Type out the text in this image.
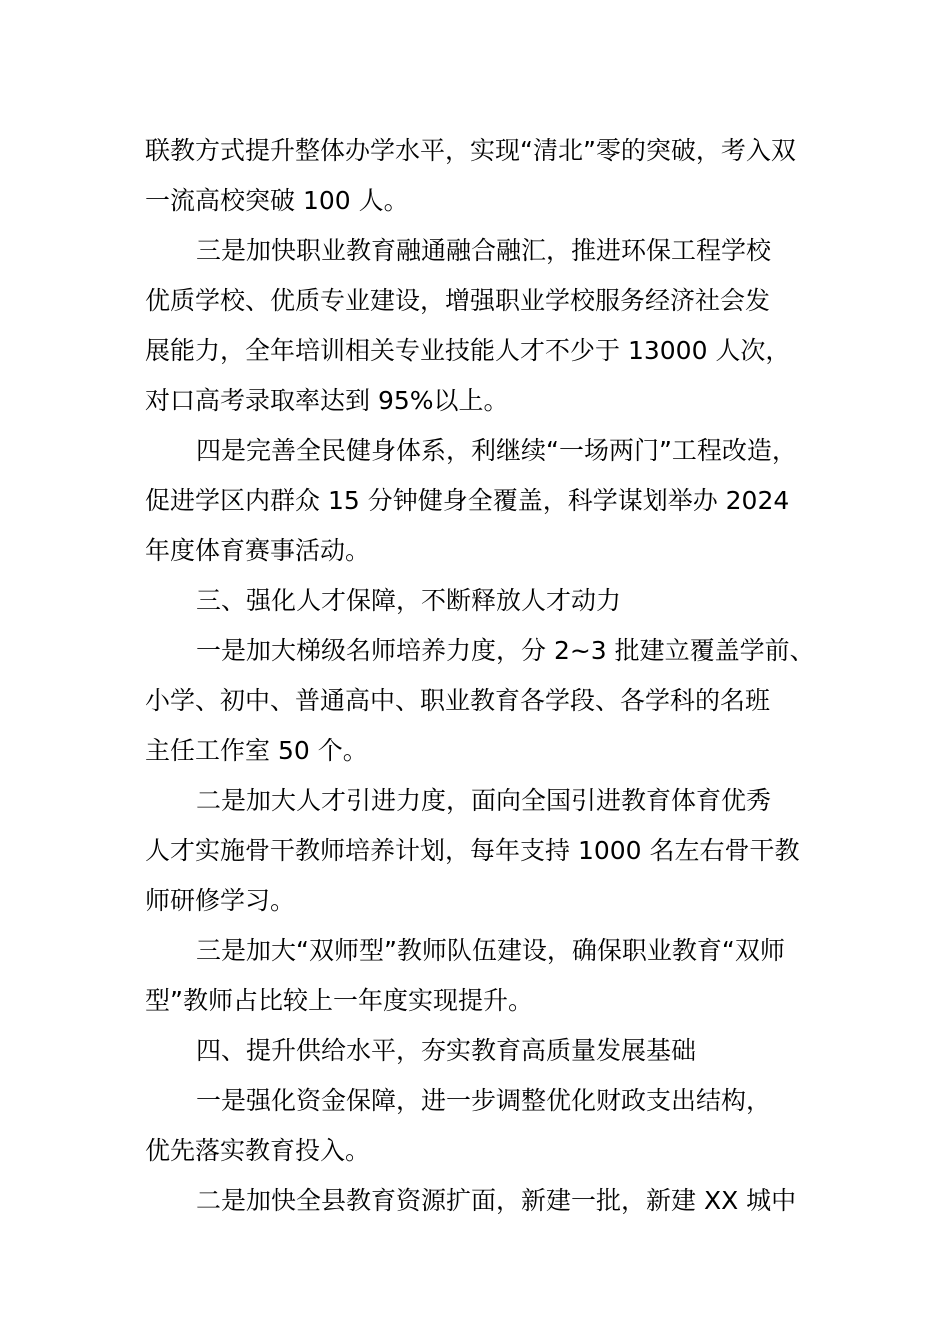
联教方式提升整体办学水平，实现“清北”零的突破，考入双
一流高校突破 100 人。
三是加快职业教育融通融合融汇，推进环保工程学校
优质学校、优质专业建设，增强职业学校服务经济社会发
展能力，全年培训相关专业技能人才不少于 13000 人次，
对口高考录取率达到 95%以上。
四是完善全民健身体系，利继续“一场两门”工程改造，
促进学区内群众 15 分钟健身全覆盖，科学谋划举办 2024
年度体育赛事活动。
三、强化人才保障，不断释放人才动力
一是加大梯级名师培养力度，分 2~3 批建立覆盖学前、
小学、初中、普通高中、职业教育各学段、各学科的名班
主任工作室 50 个。
二是加大人才引进力度，面向全国引进教育体育优秀
人才实施骨干教师培养计划，每年支持 1000 名左右骨干教
师研修学习。
三是加大“双师型”教师队伍建设，确保职业教育“双师
型”教师占比较上一年度实现提升。
四、提升供给水平，夯实教育高质量发展基础
一是强化资金保障，进一步调整优化财政支出结构，
优先落实教育投入。
二是加快全县教育资源扩面，新建一批，新建 XX 城中
